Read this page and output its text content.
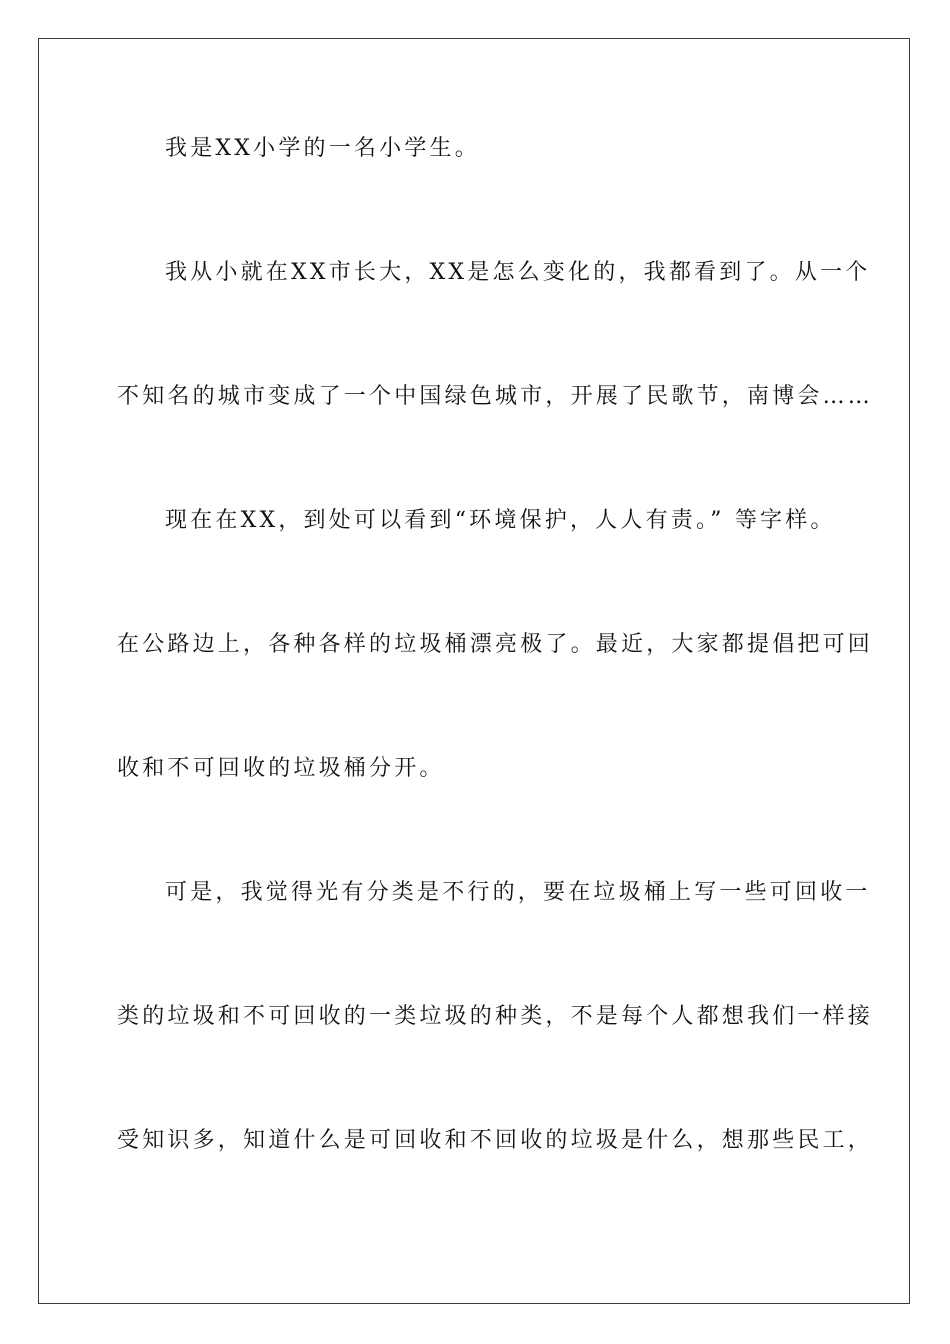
我是XX小学的一名小学生。
我从小就在XX市长大，XX是怎么变化的，我都看到了。从一个
不知名的城市变成了一个中国绿色城市，开展了民歌节，南博会……
现在在XX，到处可以看到“环境保护，人人有责。” 等字样。
在公路边上，各种各样的垃圾桶漂亮极了。最近，大家都提倡把可回
收和不可回收的垃圾桶分开。
可是，我觉得光有分类是不行的，要在垃圾桶上写一些可回收一
类的垃圾和不可回收的一类垃圾的种类，不是每个人都想我们一样接
受知识多，知道什么是可回收和不回收的垃圾是什么，想那些民工，
